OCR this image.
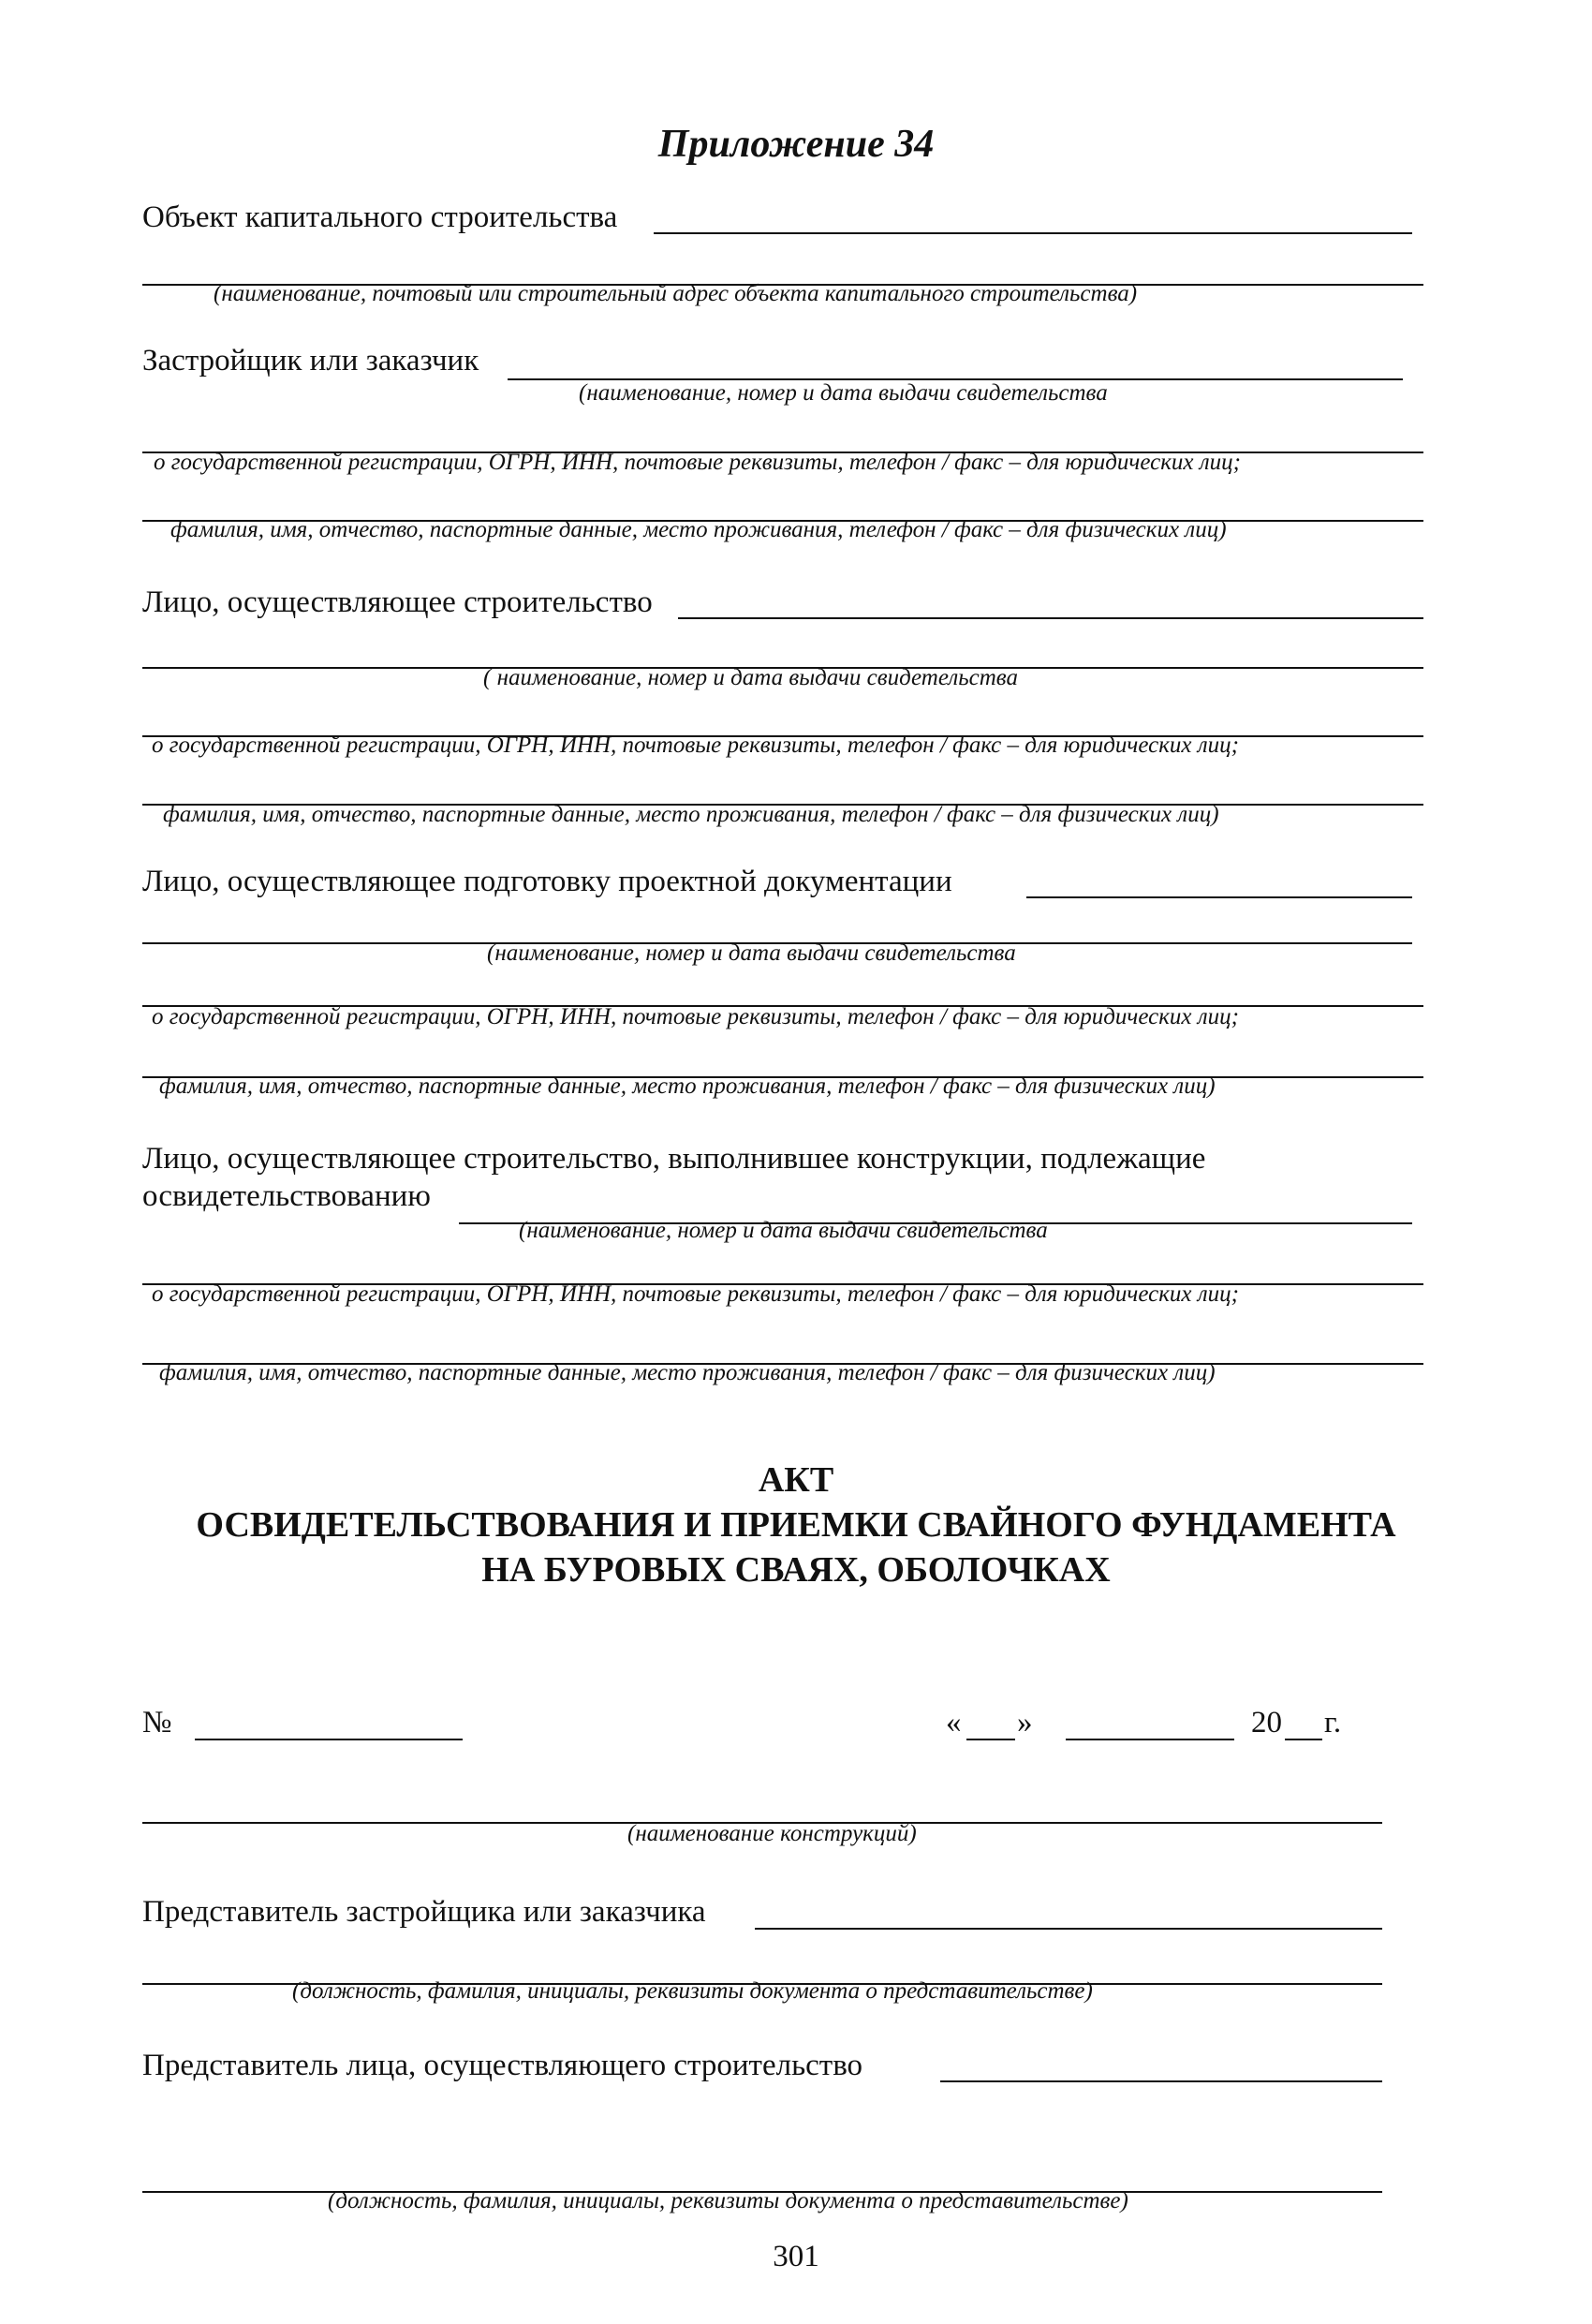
Приложение 34
Объект капитального строительства
(наименование, почтовый или строительный адрес объекта капитального строительства)
Застройщик или заказчик
(наименование, номер и дата выдачи свидетельства
о государственной регистрации, ОГРН, ИНН, почтовые реквизиты, телефон / факс – для юридических лиц;
фамилия, имя, отчество, паспортные данные, место проживания, телефон / факс – для физических лиц)
Лицо, осуществляющее строительство
( наименование, номер и дата выдачи свидетельства
о государственной регистрации, ОГРН, ИНН, почтовые реквизиты, телефон / факс – для юридических лиц;
фамилия, имя, отчество, паспортные данные, место проживания, телефон / факс – для физических лиц)
Лицо, осуществляющее подготовку проектной документации
(наименование, номер и дата выдачи свидетельства
о государственной регистрации, ОГРН, ИНН, почтовые реквизиты, телефон / факс – для юридических лиц;
фамилия, имя, отчество, паспортные данные, место проживания, телефон / факс – для физических лиц)
Лицо, осуществляющее строительство, выполнившее конструкции, подлежащие
освидетельствованию
(наименование, номер и дата выдачи свидетельства
о государственной регистрации, ОГРН, ИНН, почтовые реквизиты, телефон / факс – для юридических лиц;
фамилия, имя, отчество, паспортные данные, место проживания, телефон / факс – для физических лиц)
АКТ
ОСВИДЕТЕЛЬСТВОВАНИЯ И ПРИЕМКИ СВАЙНОГО ФУНДАМЕНТА
НА БУРОВЫХ СВАЯХ, ОБОЛОЧКАХ
№	« »	20 г.
(наименование конструкций)
Представитель застройщика или заказчика
(должность, фамилия, инициалы, реквизиты документа о представительстве)
Представитель лица, осуществляющего строительство
(должность, фамилия, инициалы, реквизиты документа о представительстве)
301
